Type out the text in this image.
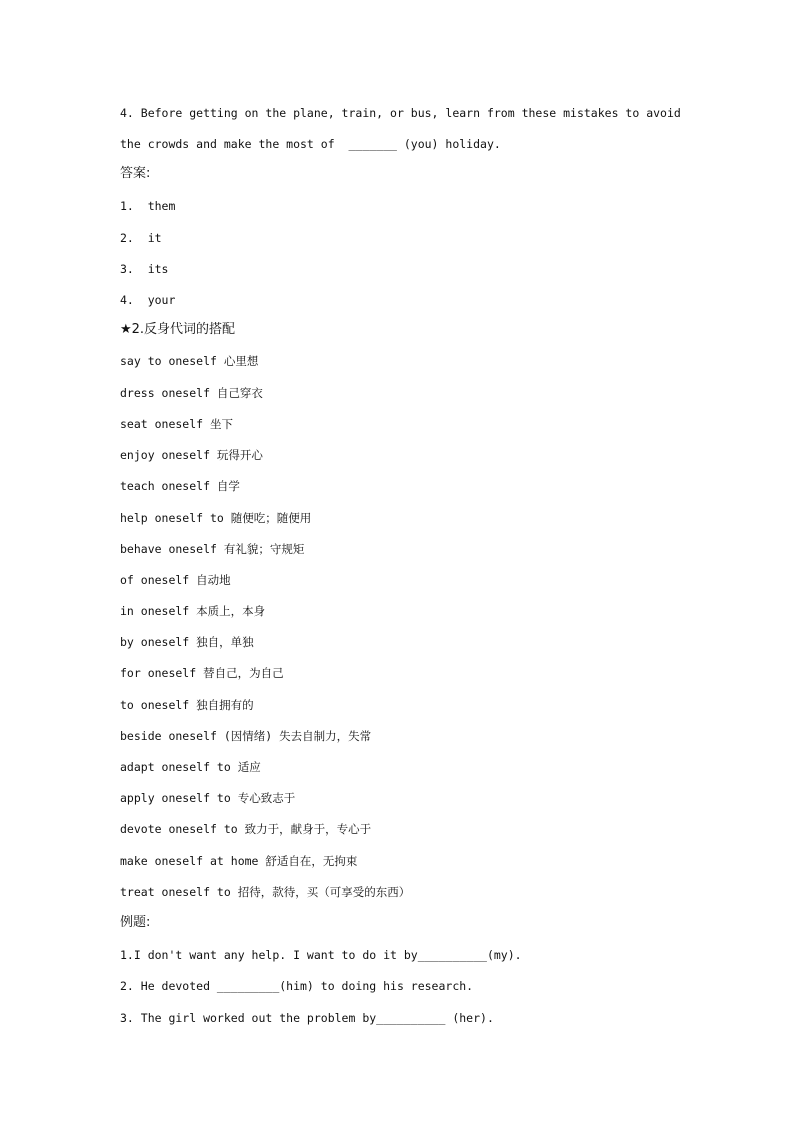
4. Before getting on the plane, train, or bus, learn from these mistakes to avoid
the crowds and make the most of  _______ (you) holiday.
答案:
1.  them
2.  it
3.  its
4.  your
★2.反身代词的搭配
say to oneself 心里想
dress oneself 自己穿衣
seat oneself 坐下
enjoy oneself 玩得开心
teach oneself 自学
help oneself to 随便吃；随便用
behave oneself 有礼貌；守规矩
of oneself 自动地
in oneself 本质上，本身
by oneself 独自，单独
for oneself 替自己，为自己
to oneself 独自拥有的
beside oneself (因情绪) 失去自制力，失常
adapt oneself to 适应
apply oneself to 专心致志于
devote oneself to 致力于，献身于，专心于
make oneself at home 舒适自在，无拘束
treat oneself to 招待，款待，买（可享受的东西）
例题:
1.I don't want any help. I want to do it by__________(my).
2. He devoted _________(him) to doing his research.
3. The girl worked out the problem by__________ (her).
